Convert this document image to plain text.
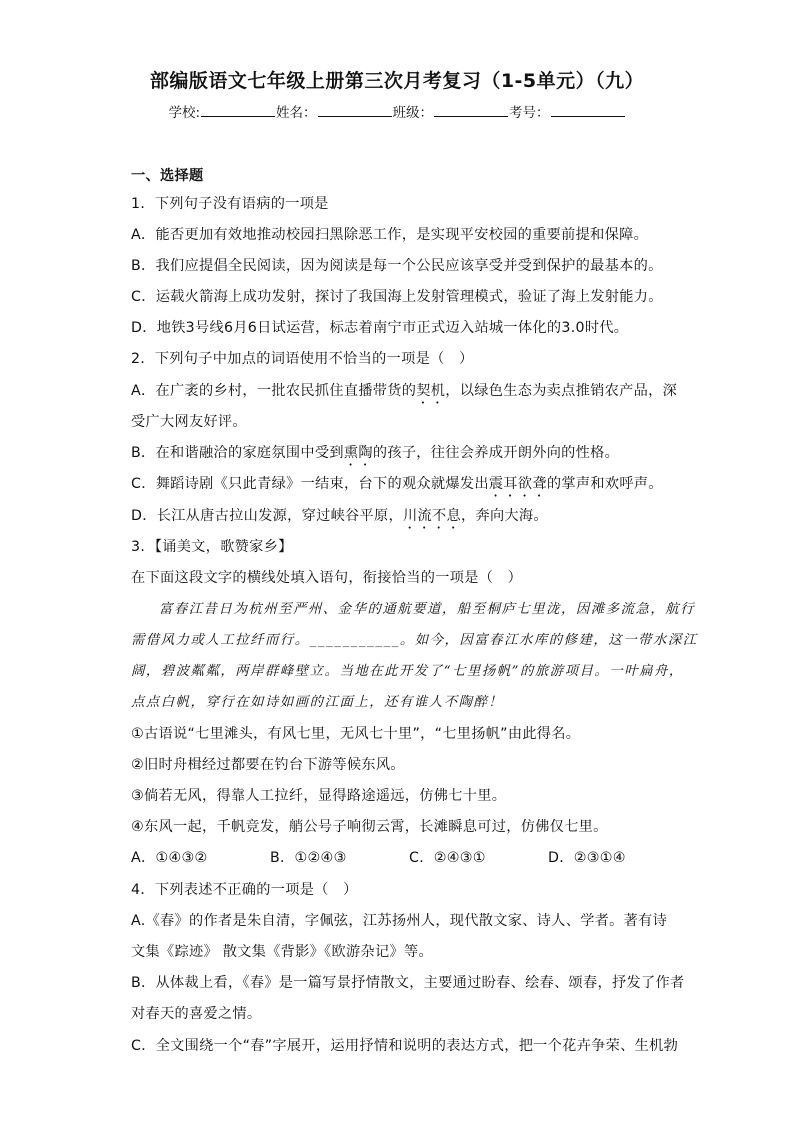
部编版语文七年级上册第三次月考复习（1-5单元）（九）
学校:	姓名：	班级：	考号：
一、选择题
1．下列句子没有语病的一项是
A．能否更加有效地推动校园扫黑除恶工作，是实现平安校园的重要前提和保障。
B．我们应提倡全民阅读，因为阅读是每一个公民应该享受并受到保护的最基本的。
C．运载火箭海上成功发射，探讨了我国海上发射管理模式，验证了海上发射能力。
D．地铁3号线6月6日试运营，标志着南宁市正式迈入站城一体化的3.0时代。
2．下列句子中加点的词语使用不恰当的一项是（　）
A．在广袤的乡村，一批农民抓住直播带货的契机，以绿色生态为卖点推销农产品，深
受广大网友好评。
B．在和谐融洽的家庭氛围中受到熏陶的孩子，往往会养成开朗外向的性格。
C．舞蹈诗剧《只此青绿》一结束，台下的观众就爆发出震耳欲聋的掌声和欢呼声。
D．长江从唐古拉山发源，穿过峡谷平原，川流不息，奔向大海。
3．【诵美文，歌赞家乡】
在下面这段文字的横线处填入语句，衔接恰当的一项是（　）
富春江昔日为杭州至严州、金华的通航要道，船至桐庐七里泷，因滩多流急，航行
需借风力或人工拉纤而行。___________。如今，因富春江水库的修建，这一带水深江
阔，碧波粼粼，两岸群峰壁立。当地在此开发了“七里扬帆”的旅游项目。一叶扁舟，
点点白帆，穿行在如诗如画的江面上，还有谁人不陶醉！
①古语说“七里滩头，有风七里，无风七十里”，“七里扬帆”由此得名。
②旧时舟楫经过都要在钓台下游等候东风。
③倘若无风，得靠人工拉纤，显得路途遥远，仿佛七十里。
④东风一起，千帆竞发，艄公号子响彻云霄，长滩瞬息可过，仿佛仅七里。
A．①④③②	B．①②④③	C．②④③①	D．②③①④
4．下列表述不正确的一项是（　）
A.《春》的作者是朱自清，字佩弦，江苏扬州人，现代散文家、诗人、学者。著有诗
文集《踪迹》 散文集《背影》《欧游杂记》等。
B．从体裁上看，《春》是一篇写景抒情散文，主要通过盼春、绘春、颂春，抒发了作者
对春天的喜爱之情。
C．全文围绕一个“春”字展开，运用抒情和说明的表达方式，把一个花卉争荣、生机勃
